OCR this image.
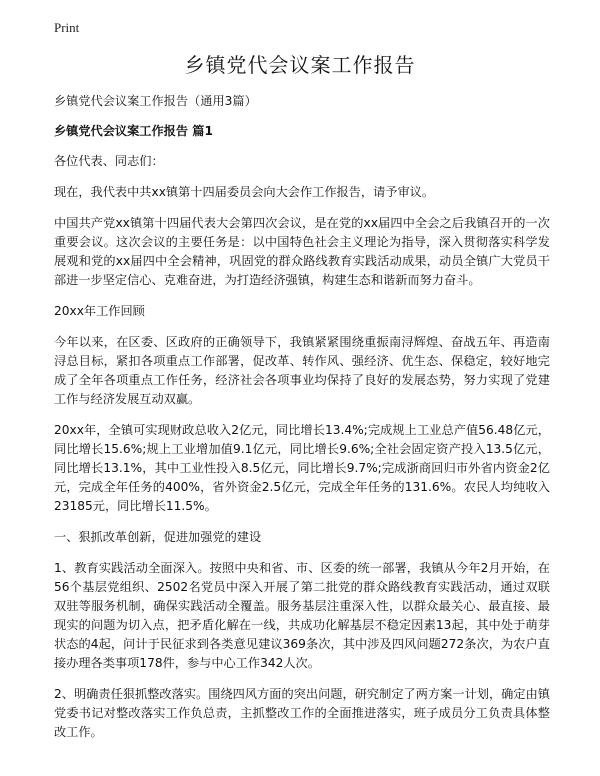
Print
乡镇党代会议案工作报告

乡镇党代会议案工作报告（通用3篇）

乡镇党代会议案工作报告 篇1

各位代表、同志们：

现在，我代表中共xx镇第十四届委员会向大会作工作报告，请予审议。

中国共产党xx镇第十四届代表大会第四次会议，是在党的xx届四中全会之后我镇召开的一次重要会议。这次会议的主要任务是：以中国特色社会主义理论为指导，深入贯彻落实科学发展观和党的xx届四中全会精神，巩固党的群众路线教育实践活动成果，动员全镇广大党员干部进一步坚定信心、克难奋进，为打造经济强镇，构建生态和谐新而努力奋斗。

20xx年工作回顾

今年以来，在区委、区政府的正确领导下，我镇紧紧围绕重振南浔辉煌、奋战五年、再造南浔总目标，紧扣各项重点工作部署，促改革、转作风、强经济、优生态、保稳定，较好地完成了全年各项重点工作任务，经济社会各项事业均保持了良好的发展态势，努力实现了党建工作与经济发展互动双赢。

20xx年，全镇可实现财政总收入2亿元，同比增长13.4%;完成规上工业总产值56.48亿元，同比增长15.6%;规上工业增加值9.1亿元，同比增长9.6%;全社会固定资产投入13.5亿元，同比增长13.1%，其中工业性投入8.5亿元，同比增长9.7%;完成浙商回归市外省内资金2亿元，完成全年任务的400%，省外资金2.5亿元，完成全年任务的131.6%。农民人均纯收入23185元，同比增长11.5%。

一、狠抓改革创新，促进加强党的建设

1、教育实践活动全面深入。按照中央和省、市、区委的统一部署，我镇从今年2月开始，在56个基层党组织、2502名党员中深入开展了第二批党的群众路线教育实践活动，通过双联双驻等服务机制，确保实践活动全覆盖。服务基层注重深入性，以群众最关心、最直接、最现实的问题为切入点，把矛盾化解在一线，共成功化解基层不稳定因素13起，其中处于萌芽状态的4起，问计于民征求到各类意见建议369条次，其中涉及四风问题272条次，为农户直接办理各类事项178件，参与中心工作342人次。

2、明确责任狠抓整改落实。围绕四风方面的突出问题，研究制定了两方案一计划，确定由镇党委书记对整改落实工作负总责，主抓整改工作的全面推进落实，班子成员分工负责具体整改工作。
